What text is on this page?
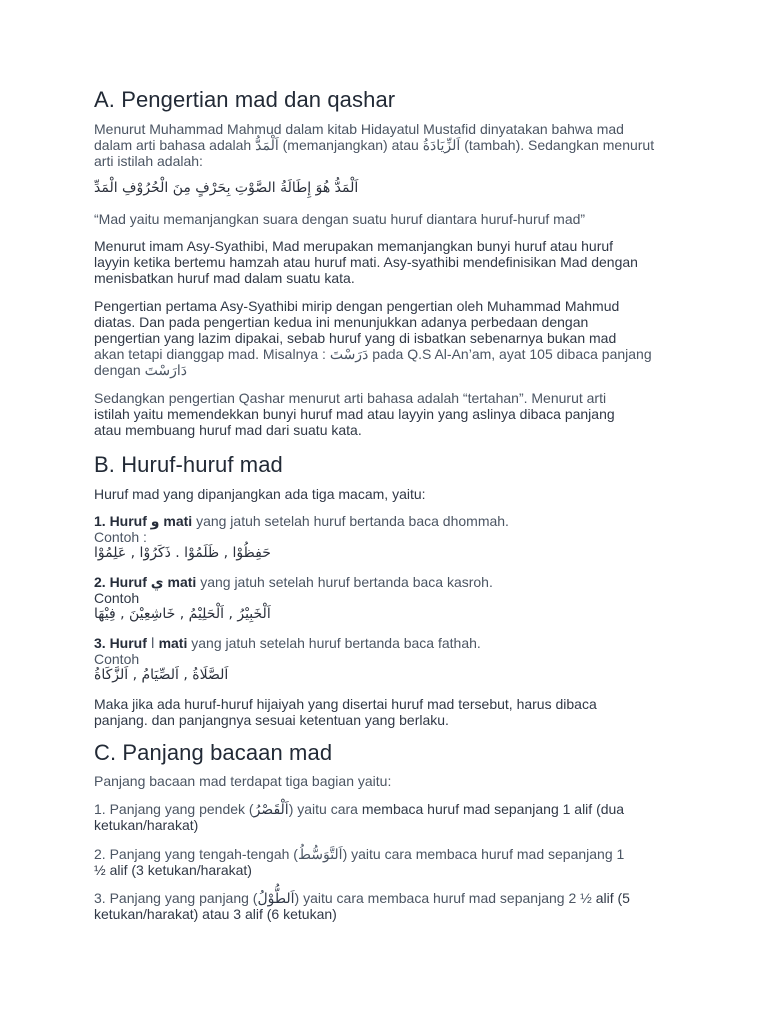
A. Pengertian mad dan qashar

Menurut Muhammad Mahmud dalam kitab Hidayatul Mustafid dinyatakan bahwa mad

dalam arti bahasa adalah اَلْمَدُّ (memanjangkan) atau اَلزِّيَادَةُ (tambah). Sedangkan menurut

arti istilah adalah:

اَلْمَدُّ هُوَ إِطَالَةُ الصَّوْتِ بِحَرْفٍ مِنَ الْحُرُوْفِ الْمَدِّ

“Mad yaitu memanjangkan suara dengan suatu huruf diantara huruf-huruf mad”

Menurut imam Asy-Syathibi, Mad merupakan memanjangkan bunyi huruf atau huruf

layyin ketika bertemu hamzah atau huruf mati. Asy-syathibi mendefinisikan Mad dengan

menisbatkan huruf mad dalam suatu kata.

Pengertian pertama Asy-Syathibi mirip dengan pengertian oleh Muhammad Mahmud

diatas. Dan pada pengertian kedua ini menunjukkan adanya perbedaan dengan

pengertian yang lazim dipakai, sebab huruf yang di isbatkan sebenarnya bukan mad

akan tetapi dianggap mad. Misalnya : دَرَسْتَ pada Q.S Al-An’am, ayat 105 dibaca panjang

dengan دَارَسْتَ

Sedangkan pengertian Qashar menurut arti bahasa adalah “tertahan”. Menurut arti

istilah yaitu memendekkan bunyi huruf mad atau layyin yang aslinya dibaca panjang

atau membuang huruf mad dari suatu kata.

B. Huruf-huruf mad

Huruf mad yang dipanjangkan ada tiga macam, yaitu:

1. Huruf و mati yang jatuh setelah huruf bertanda baca dhommah.

Contoh :

حَفِظُوْا , ظَلَمُوْا . ذَكَرُوْا , عَلِمُوْا

2. Huruf ي mati yang jatuh setelah huruf bertanda baca kasroh.

Contoh

اَلْخَبِيْرُ , اَلْحَلِيْمُ , خَاشِعِيْنَ , فِيْهَا

3. Huruf ا mati yang jatuh setelah huruf bertanda baca fathah.

Contoh

اَلصَّلَاةُ , اَلصِّيَامُ , اَلزَّكَاةُ

Maka jika ada huruf-huruf hijaiyah yang disertai huruf mad tersebut, harus dibaca

panjang. dan panjangnya sesuai ketentuan yang berlaku.

C. Panjang bacaan mad

Panjang bacaan mad terdapat tiga bagian yaitu:

1. Panjang yang pendek (اَلْقَصْرُ) yaitu cara membaca huruf mad sepanjang 1 alif (dua

ketukan/harakat)

2. Panjang yang tengah-tengah (اَلتَّوَسُّطُ) yaitu cara membaca huruf mad sepanjang 1

½ alif (3 ketukan/harakat)

3. Panjang yang panjang (اَلطُّوْلُ) yaitu cara membaca huruf mad sepanjang 2 ½ alif (5

ketukan/harakat) atau 3 alif (6 ketukan)
